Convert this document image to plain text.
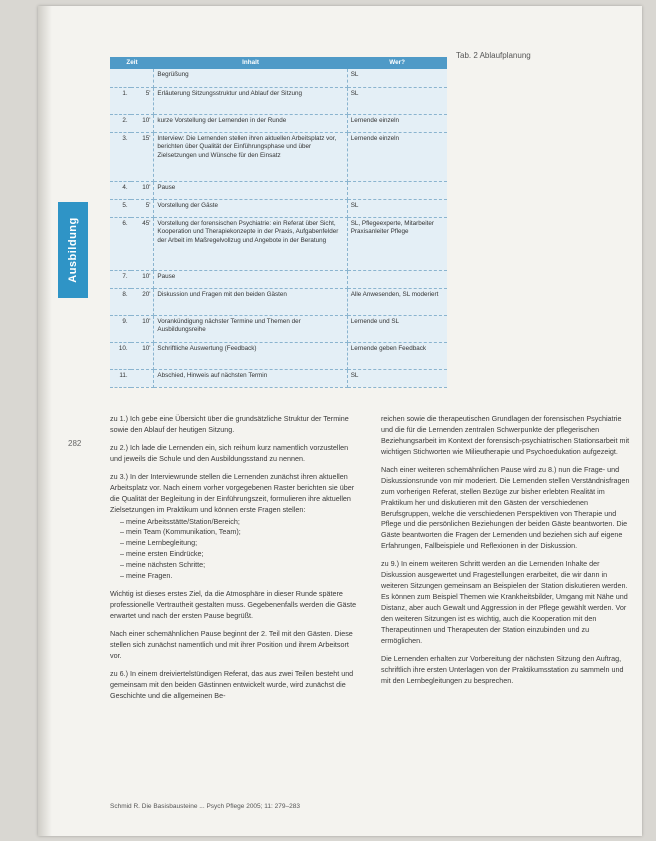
Ausbildung
282
Tab. 2 Ablaufplanung
Zeit		Inhalt	Wer?
		Begrüßung	SL
1.	5'	Erläuterung Sitzungsstruktur und Ablauf der Sitzung	SL
2.	10'	kurze Vorstellung der Lernenden in der Runde	Lernende einzeln
3.	15'	Interview: Die Lernenden stellen ihren aktuellen Arbeitsplatz vor, berichten über Qualität der Einführungsphase und über Zielsetzungen und Wünsche für den Einsatz	Lernende einzeln
4.	10'	Pause	
5.	5'	Vorstellung der Gäste	SL
6.	45'	Vorstellung der forensischen Psychiatrie: ein Referat über Sicht, Kooperation und Therapiekonzepte in der Praxis, Aufgabenfelder der Arbeit im Maßregelvollzug und Angebote in der Beratung	SL, Pflegeexperte, Mitarbeiter Praxisanleiter Pflege
7.	10'	Pause	
8.	20'	Diskussion und Fragen mit den beiden Gästen	Alle Anwesenden, SL moderiert
9.	10'	Vorankündigung nächster Termine und Themen der Ausbildungsreihe	Lernende und SL
10.	10'	Schriftliche Auswertung (Feedback)	Lernende geben Feedback
11.		Abschied, Hinweis auf nächsten Termin	SL

zu 1.) Ich gebe eine Übersicht über die grundsätzliche Struktur der Termine sowie den Ablauf der heutigen Sitzung.

zu 2.) Ich lade die Lernenden ein, sich reihum kurz namentlich vorzustellen und jeweils die Schule und den Ausbildungsstand zu nennen.

zu 3.) In der Interviewrunde stellen die Lernenden zunächst ihren aktuellen Arbeitsplatz vor. Nach einem vorher vorgegebenen Raster berichten sie über die Qualität der Begleitung in der Einführungszeit, formulieren ihre aktuellen Zielsetzungen im Praktikum und können erste Fragen stellen:

– meine Arbeitsstätte/Station/Bereich;
– mein Team (Kommunikation, Team);
– meine Lernbegleitung;
– meine ersten Eindrücke;
– meine nächsten Schritte;
– meine Fragen.

Wichtig ist dieses erstes Ziel, da die Atmosphäre in dieser Runde spätere professionelle Vertrautheit gestalten muss. Gegebenenfalls werden die Gäste erwartet und nach der ersten Pause begrüßt.

Nach einer schemähnlichen Pause beginnt der 2. Teil mit den Gästen. Diese stellen sich zunächst namentlich und mit ihrer Position und ihrem Arbeitsort vor.

zu 6.) In einem dreiviertelstündigen Referat, das aus zwei Teilen besteht und gemeinsam mit den beiden Gästinnen entwickelt wurde, wird zunächst die Geschichte und die allgemeinen Be-

reichen sowie die therapeutischen Grundlagen der forensischen Psychiatrie und die für die Lernenden zentralen Schwerpunkte der pflegerischen Beziehungsarbeit im Kontext der forensisch-psychiatrischen Stationsarbeit mit wichtigen Stichworten wie Milieutherapie und Psychoedukation aufgezeigt.

Nach einer weiteren schemähnlichen Pause wird zu 8.) nun die Frage- und Diskussionsrunde von mir moderiert. Die Lernenden stellen Verständnisfragen zum vorherigen Referat, stellen Bezüge zur bisher erlebten Realität im Praktikum her und diskutieren mit den Gästen der verschiedenen Berufsgruppen, welche die verschiedenen Perspektiven von Therapie und Pflege und die persönlichen Beziehungen der beiden Gäste beantworten. Die Gäste beantworten die Fragen der Lernenden und beziehen sich auf eigene Erfahrungen, Fallbeispiele und Reflexionen in der Diskussion.

zu 9.) In einem weiteren Schritt werden an die Lernenden Inhalte der Diskussion ausgewertet und Fragestellungen erarbeitet, die wir dann in weiteren Sitzungen gemeinsam an Beispielen der Station diskutieren werden. Es können zum Beispiel Themen wie Krankheitsbilder, Umgang mit Nähe und Distanz, aber auch Gewalt und Aggression in der Pflege gewählt werden. Vor den weiteren Sitzungen ist es wichtig, auch die Kooperation mit den Therapeutinnen und Therapeuten der Station einzubinden und zu ermöglichen.

Die Lernenden erhalten zur Vorbereitung der nächsten Sitzung den Auftrag, schriftlich ihre ersten Unterlagen von der Praktikumsstation zu sammeln und mit den Lernbegleitungen zu besprechen.

Schmid R. Die Basisbausteine ... Psych Pflege 2005; 11: 279–283
